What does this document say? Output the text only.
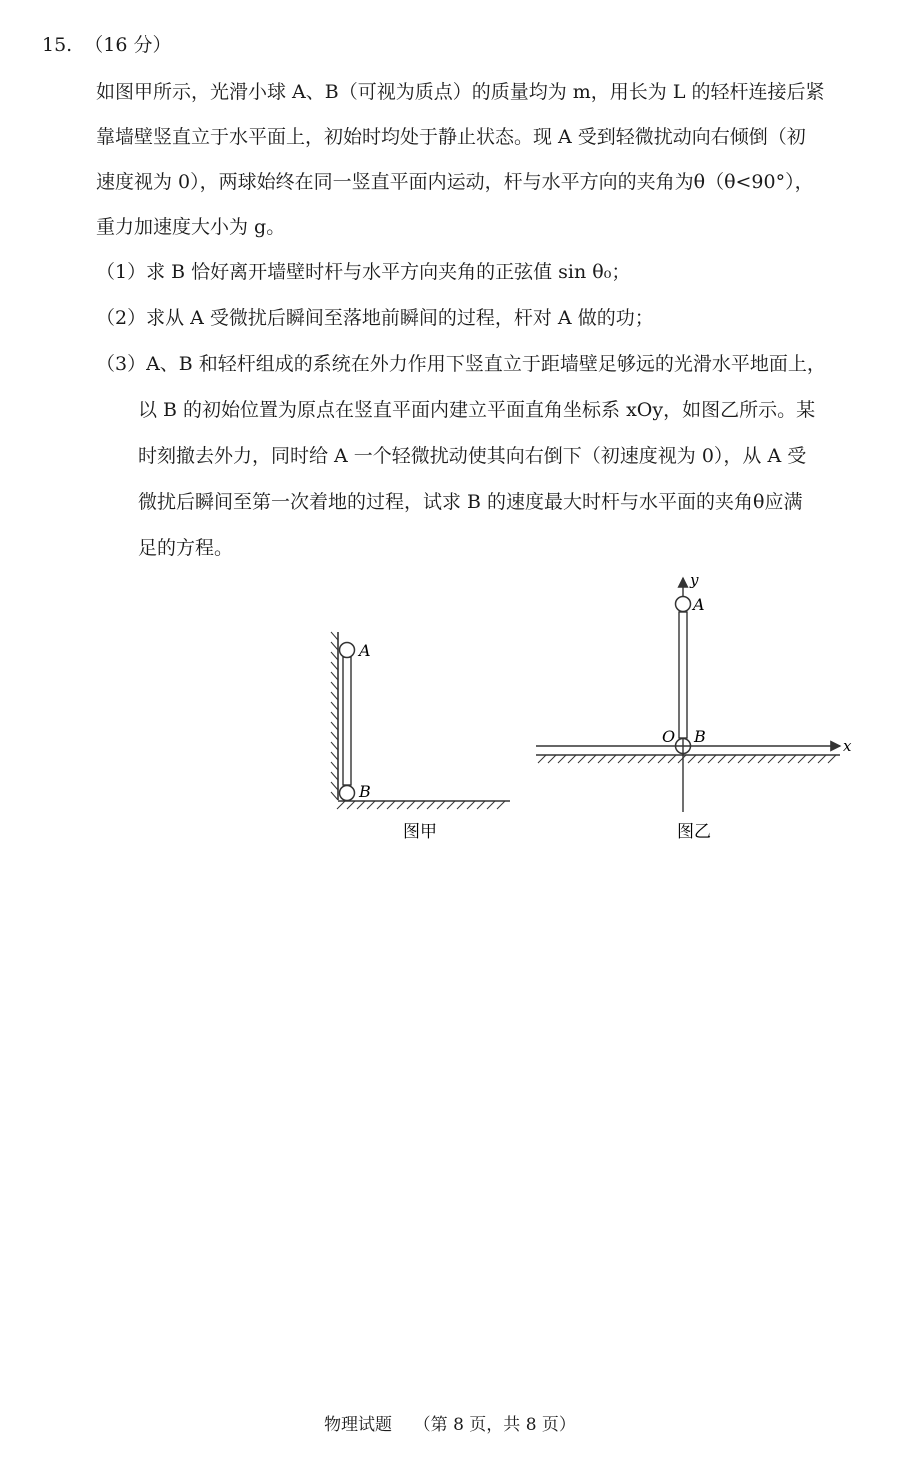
15. （16 分）
如图甲所示，光滑小球 A、B（可视为质点）的质量均为 m，用长为 L 的轻杆连接后紧
靠墙壁竖直立于水平面上，初始时均处于静止状态。现 A 受到轻微扰动向右倾倒（初
速度视为 0），两球始终在同一竖直平面内运动，杆与水平方向的夹角为θ（θ<90°），
重力加速度大小为 g。
（1）求 B 恰好离开墙壁时杆与水平方向夹角的正弦值 sin θ₀；
（2）求从 A 受微扰后瞬间至落地前瞬间的过程，杆对 A 做的功；
（3）A、B 和轻杆组成的系统在外力作用下竖直立于距墙壁足够远的光滑水平地面上，
以 B 的初始位置为原点在竖直平面内建立平面直角坐标系 xOy，如图乙所示。某
时刻撤去外力，同时给 A 一个轻微扰动使其向右倒下（初速度视为 0），从 A 受
微扰后瞬间至第一次着地的过程，试求 B 的速度最大时杆与水平面的夹角θ应满
足的方程。
A
B
图甲
A
B
O	x
y
图乙
物理试题    （第 8 页，共 8 页）
